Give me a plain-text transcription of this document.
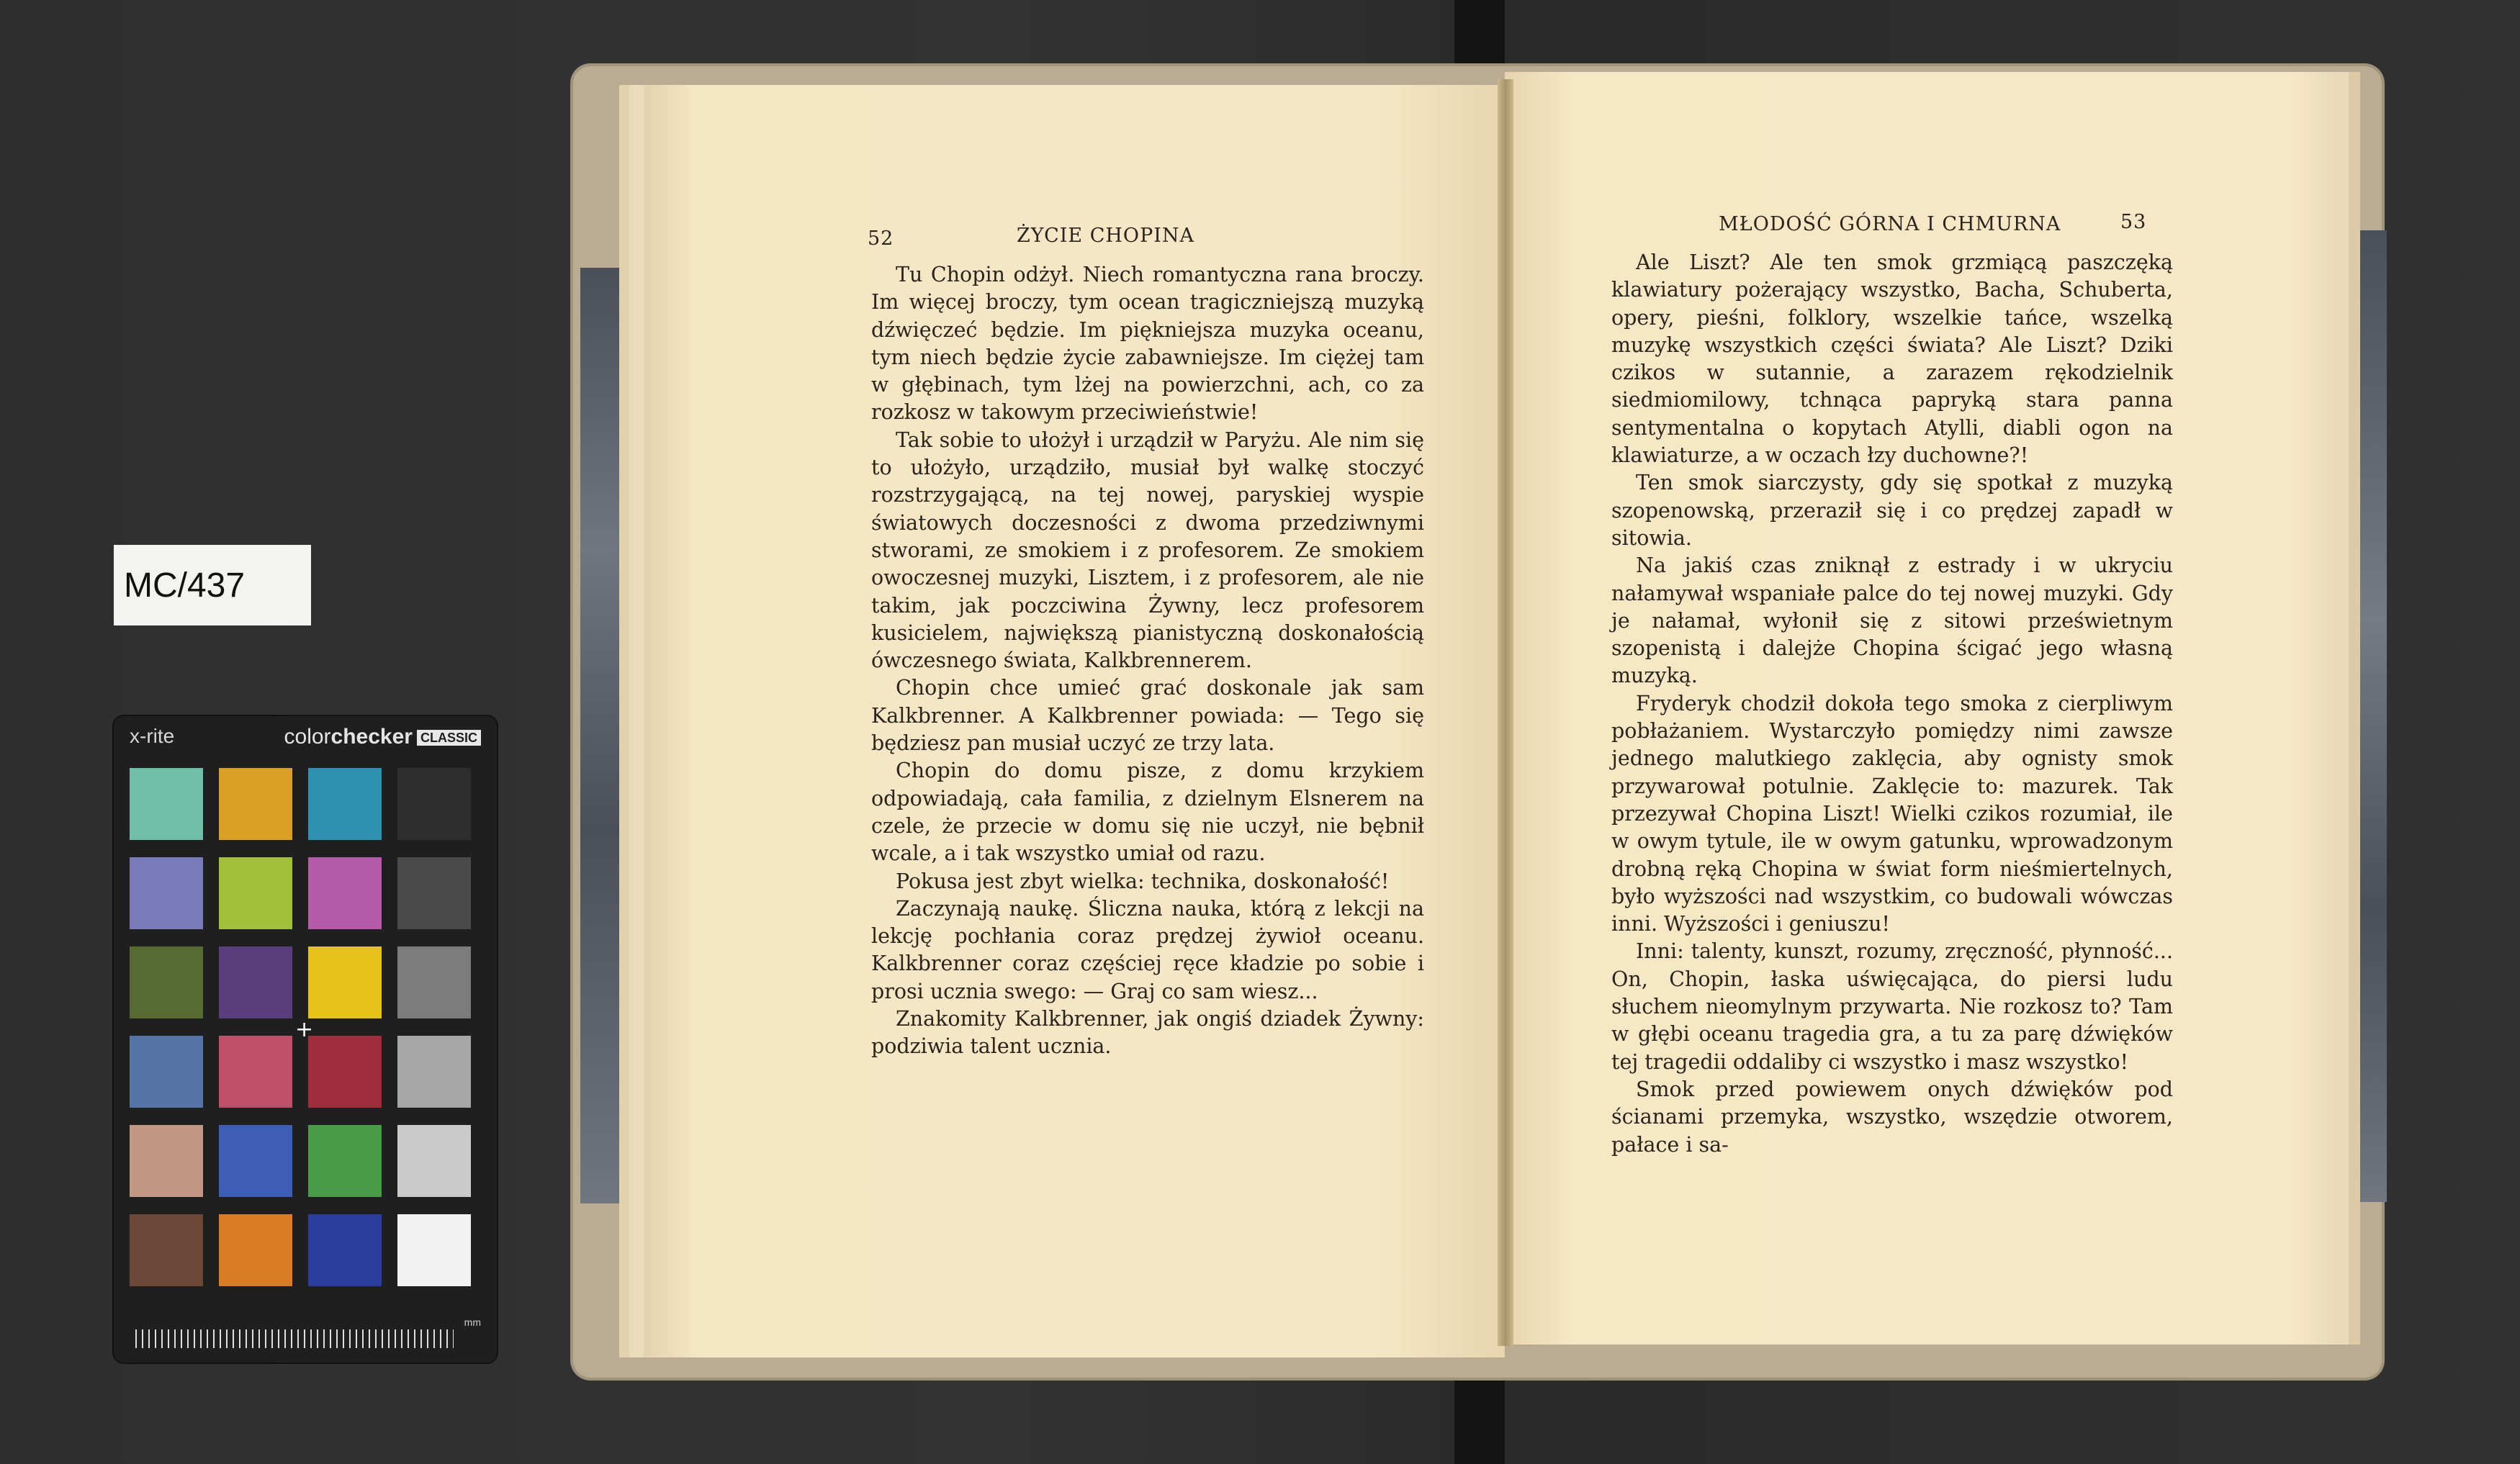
MC/437
x-rite	colorchecker CLASSIC
+
mm
52	ŻYCIE CHOPINA
MŁODOŚĆ GÓRNA I CHMURNA	53

Tu Chopin odżył. Niech romantyczna rana broczy. Im więcej broczy, tym ocean tragiczniejszą muzyką dźwięczeć będzie. Im piękniejsza muzyka oceanu, tym niech będzie życie zabawniejsze. Im ciężej tam w głębinach, tym lżej na powierzchni, ach, co za rozkosz w takowym przeciwieństwie!

Tak sobie to ułożył i urządził w Paryżu. Ale nim się to ułożyło, urządziło, musiał był walkę stoczyć rozstrzygającą, na tej nowej, paryskiej wyspie światowych doczesności z dwoma przedziwnymi stworami, ze smokiem i z profesorem. Ze smokiem owoczesnej muzyki, Lisztem, i z profesorem, ale nie takim, jak poczciwina Żywny, lecz profesorem kusicielem, największą pianistyczną doskonałością ówczesnego świata, Kalkbrennerem.

Chopin chce umieć grać doskonale jak sam Kalkbrenner. A Kalkbrenner powiada: — Tego się będziesz pan musiał uczyć ze trzy lata.

Chopin do domu pisze, z domu krzykiem odpowiadają, cała familia, z dzielnym Elsnerem na czele, że przecie w domu się nie uczył, nie bębnił wcale, a i tak wszystko umiał od razu.

Pokusa jest zbyt wielka: technika, doskonałość!

Zaczynają naukę. Śliczna nauka, którą z lekcji na lekcję pochłania coraz prędzej żywioł oceanu. Kalkbrenner coraz częściej ręce kładzie po sobie i prosi ucznia swego: — Graj co sam wiesz...

Znakomity Kalkbrenner, jak ongiś dziadek Żywny: podziwia talent ucznia.

Ale Liszt? Ale ten smok grzmiącą paszczęką klawiatury pożerający wszystko, Bacha, Schuberta, opery, pieśni, folklory, wszelkie tańce, wszelką muzykę wszystkich części świata? Ale Liszt? Dziki czikos w sutannie, a zarazem rękodzielnik siedmiomilowy, tchnąca papryką stara panna sentymentalna o kopytach Atylli, diabli ogon na klawiaturze, a w oczach łzy duchowne?!

Ten smok siarczysty, gdy się spotkał z muzyką szopenowską, przeraził się i co prędzej zapadł w sitowia.

Na jakiś czas zniknął z estrady i w ukryciu nałamywał wspaniałe palce do tej nowej muzyki. Gdy je nałamał, wyłonił się z sitowi prześwietnym szopenistą i dalejże Chopina ścigać jego własną muzyką.

Fryderyk chodził dokoła tego smoka z cierpliwym pobłażaniem. Wystarczyło pomiędzy nimi zawsze jednego malutkiego zaklęcia, aby ognisty smok przywarował potulnie. Zaklęcie to: mazurek. Tak przezywał Chopina Liszt! Wielki czikos rozumiał, ile w owym tytule, ile w owym gatunku, wprowadzonym drobną ręką Chopina w świat form nieśmiertelnych, było wyższości nad wszystkim, co budowali wówczas inni. Wyższości i geniuszu!

Inni: talenty, kunszt, rozumy, zręczność, płynność... On, Chopin, łaska uświęcająca, do piersi ludu słuchem nieomylnym przywarta. Nie rozkosz to? Tam w głębi oceanu tragedia gra, a tu za parę dźwięków tej tragedii oddaliby ci wszystko i masz wszystko!

Smok przed powiewem onych dźwięków pod ścianami przemyka, wszystko, wszędzie otworem, pałace i sa-
